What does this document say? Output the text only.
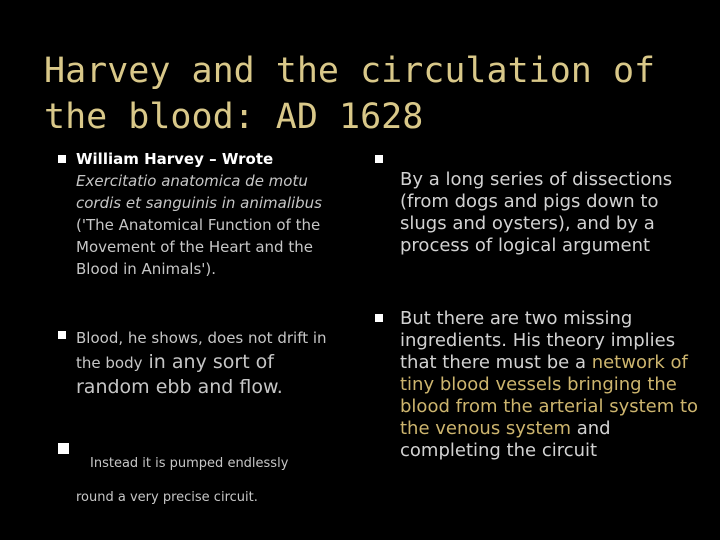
Harvey and the circulation of
the blood: AD 1628
William Harvey – Wrote
Exercitatio anatomica de motu cordis et sanguinis in animalibus ('The Anatomical Function of the Movement of the Heart and the Blood in Animals').
Blood, he shows, does not drift in the body in any sort of random ebb and flow.
Instead it is pumped endlessly
round a very precise circuit.
By a long series of dissections (from dogs and pigs down to slugs and oysters), and by a process of logical argument
But there are two missing ingredients. His theory implies that there must be a network of tiny blood vessels bringing the blood from the arterial system to the venous system and completing the circuit
